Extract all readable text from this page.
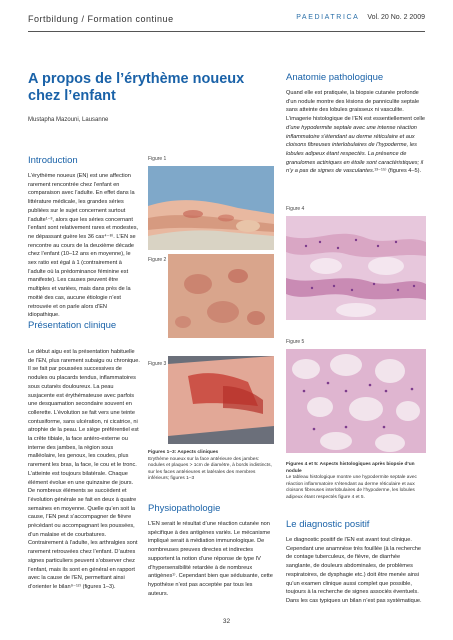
Fortbildung / Formation continue	PAEDIATRICA Vol. 20 No. 2 2009
A propos de l’érythème noueux chez l’enfant
Mustapha Mazouni, Lausanne
Introduction
L’érythème noueux (EN) est une affection rarement rencontrée chez l’enfant en comparaison avec l’adulte. En effet dans la littérature médicale, les grandes séries publiées sur le sujet concernent surtout l’adulte¹⁻³, alors que les séries concernant l’enfant sont relativement rares et modestes, ne dépassant guère les 36 cas⁴⁻⁸⁾. L’EN se rencontre au cours de la deuxième décade chez l’enfant (10–12 ans en moyenne), le sex ratio est égal à 1 (contrairement à l’adulte où la prédominance féminine est manifeste). Les causes peuvent être multiples et variées, mais dans près de la moitié des cas, aucune étiologie n’est retrouvée et on parle alors d’EN idiopathique.
Présentation clinique
Le début aigu est la présentation habituelle de l’EN, plus rarement subaigu ou chronique. Il se fait par poussées successives de nodules ou placards tendus, inflammatoires sous cutanés douloureux. La peau susjacente est érythémateuse avec parfois une desquamation secondaire souvent en collerette. L’évolution se fait vers une teinte contusiforme, sans ulcération, ni cicatrice, ni atrophie de la peau. Le siège préférentiel est la crête tibiale, la face antéro-externe ou interne des jambes, la région sous malléolaire, les genoux, les coudes, plus rarement les bras, la face, le cou et le tronc. L’atteinte est toujours bilatérale. Chaque élément évolue en une quinzaine de jours. De nombreux éléments se succèdent et l’évolution générale se fait en deux à quatre semaines en moyenne. Quelle qu’en soit la cause, l’EN peut s’accompagner de fièvre précédant ou accompagnant les poussées, d’un malaise et de courbatures. Contrairement à l’adulte, les arthralgies sont rarement retrouvées chez l’enfant. D’autres signes particuliers peuvent s’observer chez l’enfant, mais ils sont en général en rapport avec la cause de l’EN, permettant ainsi d’orienter le bilan⁹⁻¹²⁾ (figures 1–3).
Figure 1
Figure 2
Figure 3
Figures 1–3: Aspects cliniques
Erythème noueux sur la face antérieure des jambes: nodules et plaques > 1cm de diamètre, à bords indistincts, sur les faces antérieures et latérales des membres inférieurs; figures 1–3
Physiopathologie
L’EN serait le résultat d’une réaction cutanée non spécifique à des antigènes variés. Le mécanisme impliqué serait à médiation immunologique. De nombreuses preuves directes et indirectes supportent la notion d’une réponse de type IV d’hypersensibilité retardée à de nombreux antigènes¹⁾. Cependant bien que séduisante, cette hypothèse n’est pas acceptée par tous les auteurs.
Anatomie pathologique
Quand elle est pratiquée, la biopsie cutanée profonde d’un nodule montre des lésions de panniculite septale sans atteinte des lobules graisseux ni vasculite. L’imagerie histologique de l’EN est essentiellement celle d’une hypodermite septale avec une intense réaction inflammatoire s’étendant au derme réticulaire et aux cloisons fibreuses interlobulaires de l’hypoderme, les lobules adipeux étant respectés. La présence de granulomes actiniques en étoile sont caractéristiques; il n’y a pas de signes de vasculantes.¹³⁻¹⁵⁾ (figures 4–5).
Figure 4
Figure 5
Figures 4 et 5: Aspects histologiques après biopsie d’un nodule
Le tableau histologique montre une hypodermite septale avec réaction inflammatoire s’étendant au derme réticulaire et aux cloisons fibreuses interlobulaires de l’hypoderme, les lobules adipeux étant respectés figure 4 et 5.
Le diagnostic positif
Le diagnostic positif de l’EN est avant tout clinique. Cependant une anamnèse très fouillée (à la recherche de contage tuberculeux, de fièvre, de diarrhée sanglante, de douleurs abdominales, de problèmes respiratoires, de dysphagie etc.) doit être menée ainsi qu’un examen clinique aussi complet que possible, toujours à la recherche de signes associés éventuels. Dans les cas typiques un bilan n’est pas systématique.
32
